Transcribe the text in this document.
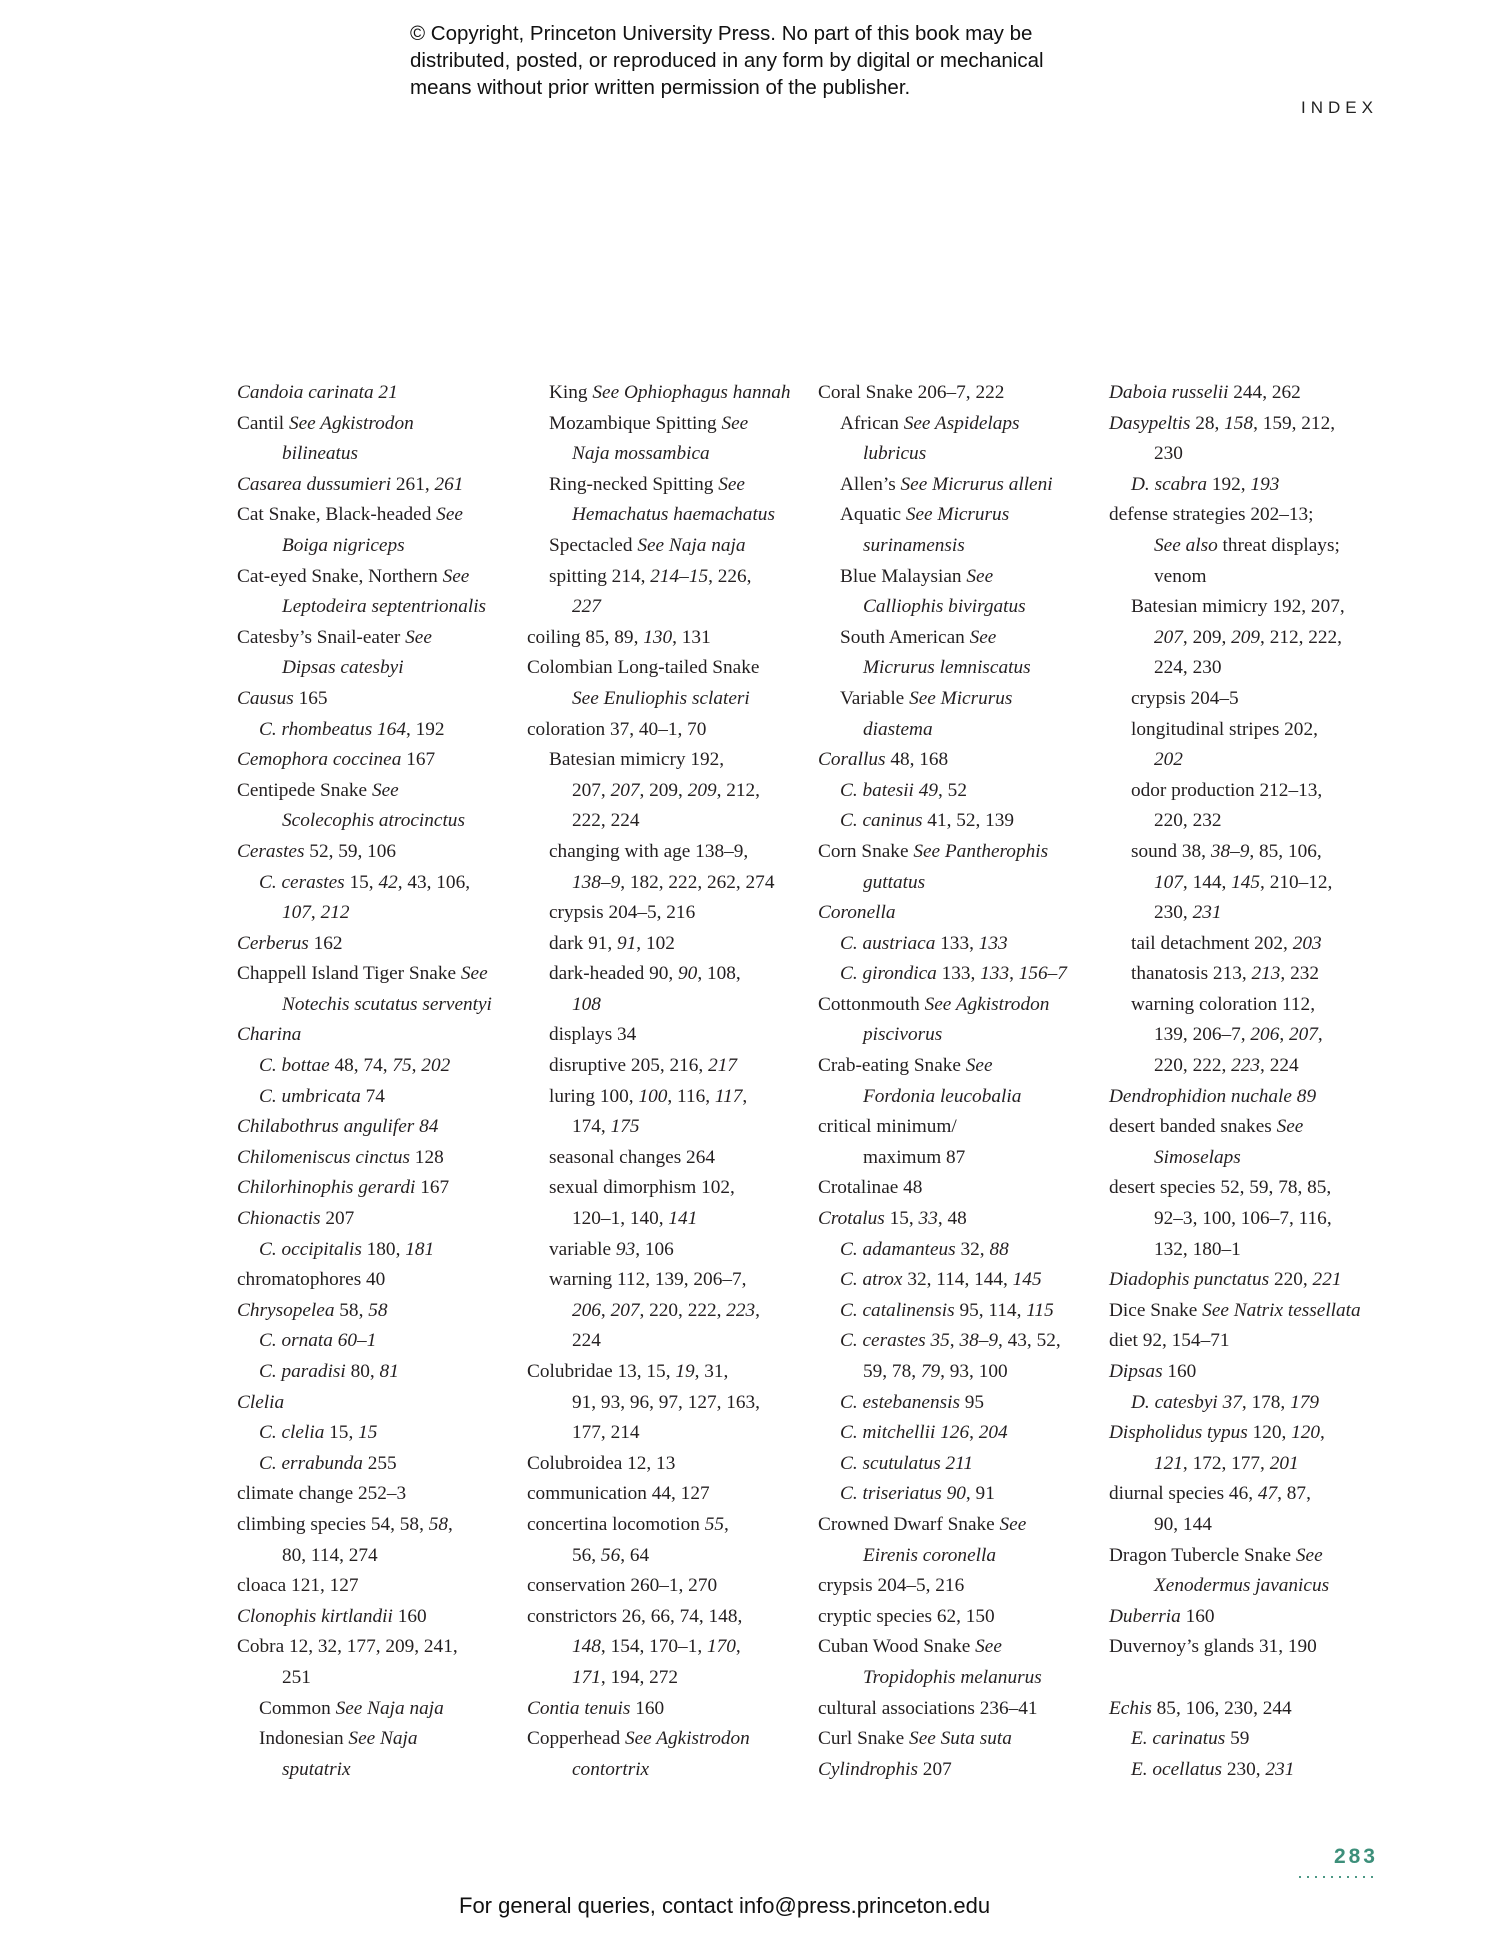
© Copyright, Princeton University Press. No part of this book may be
distributed, posted, or reproduced in any form by digital or mechanical
means without prior written permission of the publisher.
INDEX
Candoia carinata 21
Cantil See Agkistrodon
bilineatus
Casarea dussumieri 261, 261
Cat Snake, Black-headed See
Boiga nigriceps
Cat-eyed Snake, Northern See
Leptodeira septentrionalis
Catesby’s Snail-eater See
Dipsas catesbyi
Causus 165
C. rhombeatus 164, 192
Cemophora coccinea 167
Centipede Snake See
Scolecophis atrocinctus
Cerastes 52, 59, 106
C. cerastes 15, 42, 43, 106,
107, 212
Cerberus 162
Chappell Island Tiger Snake See
Notechis scutatus serventyi
Charina
C. bottae 48, 74, 75, 202
C. umbricata 74
Chilabothrus angulifer 84
Chilomeniscus cinctus 128
Chilorhinophis gerardi 167
Chionactis 207
C. occipitalis 180, 181
chromatophores 40
Chrysopelea 58, 58
C. ornata 60–1
C. paradisi 80, 81
Clelia
C. clelia 15, 15
C. errabunda 255
climate change 252–3
climbing species 54, 58, 58,
80, 114, 274
cloaca 121, 127
Clonophis kirtlandii 160
Cobra 12, 32, 177, 209, 241,
251
Common See Naja naja
Indonesian See Naja
sputatrix
King See Ophiophagus hannah
Mozambique Spitting See
Naja mossambica
Ring-necked Spitting See
Hemachatus haemachatus
Spectacled See Naja naja
spitting 214, 214–15, 226,
227
coiling 85, 89, 130, 131
Colombian Long-tailed Snake
See Enuliophis sclateri
coloration 37, 40–1, 70
Batesian mimicry 192,
207, 207, 209, 209, 212,
222, 224
changing with age 138–9,
138–9, 182, 222, 262, 274
crypsis 204–5, 216
dark 91, 91, 102
dark-headed 90, 90, 108,
108
displays 34
disruptive 205, 216, 217
luring 100, 100, 116, 117,
174, 175
seasonal changes 264
sexual dimorphism 102,
120–1, 140, 141
variable 93, 106
warning 112, 139, 206–7,
206, 207, 220, 222, 223,
224
Colubridae 13, 15, 19, 31,
91, 93, 96, 97, 127, 163,
177, 214
Colubroidea 12, 13
communication 44, 127
concertina locomotion 55,
56, 56, 64
conservation 260–1, 270
constrictors 26, 66, 74, 148,
148, 154, 170–1, 170,
171, 194, 272
Contia tenuis 160
Copperhead See Agkistrodon
contortrix
Coral Snake 206–7, 222
African See Aspidelaps
lubricus
Allen’s See Micrurus alleni
Aquatic See Micrurus
surinamensis
Blue Malaysian See
Calliophis bivirgatus
South American See
Micrurus lemniscatus
Variable See Micrurus
diastema
Corallus 48, 168
C. batesii 49, 52
C. caninus 41, 52, 139
Corn Snake See Pantherophis
guttatus
Coronella
C. austriaca 133, 133
C. girondica 133, 133, 156–7
Cottonmouth See Agkistrodon
piscivorus
Crab-eating Snake See
Fordonia leucobalia
critical minimum/
maximum 87
Crotalinae 48
Crotalus 15, 33, 48
C. adamanteus 32, 88
C. atrox 32, 114, 144, 145
C. catalinensis 95, 114, 115
C. cerastes 35, 38–9, 43, 52,
59, 78, 79, 93, 100
C. estebanensis 95
C. mitchellii 126, 204
C. scutulatus 211
C. triseriatus 90, 91
Crowned Dwarf Snake See
Eirenis coronella
crypsis 204–5, 216
cryptic species 62, 150
Cuban Wood Snake See
Tropidophis melanurus
cultural associations 236–41
Curl Snake See Suta suta
Cylindrophis 207
Daboia russelii 244, 262
Dasypeltis 28, 158, 159, 212,
230
D. scabra 192, 193
defense strategies 202–13;
See also threat displays;
venom
Batesian mimicry 192, 207,
207, 209, 209, 212, 222,
224, 230
crypsis 204–5
longitudinal stripes 202,
202
odor production 212–13,
220, 232
sound 38, 38–9, 85, 106,
107, 144, 145, 210–12,
230, 231
tail detachment 202, 203
thanatosis 213, 213, 232
warning coloration 112,
139, 206–7, 206, 207,
220, 222, 223, 224
Dendrophidion nuchale 89
desert banded snakes See
Simoselaps
desert species 52, 59, 78, 85,
92–3, 100, 106–7, 116,
132, 180–1
Diadophis punctatus 220, 221
Dice Snake See Natrix tessellata
diet 92, 154–71
Dipsas 160
D. catesbyi 37, 178, 179
Dispholidus typus 120, 120,
121, 172, 177, 201
diurnal species 46, 47, 87,
90, 144
Dragon Tubercle Snake See
Xenodermus javanicus
Duberria 160
Duvernoy’s glands 31, 190
Echis 85, 106, 230, 244
E. carinatus 59
E. ocellatus 230, 231
283
For general queries, contact info@press.princeton.edu
